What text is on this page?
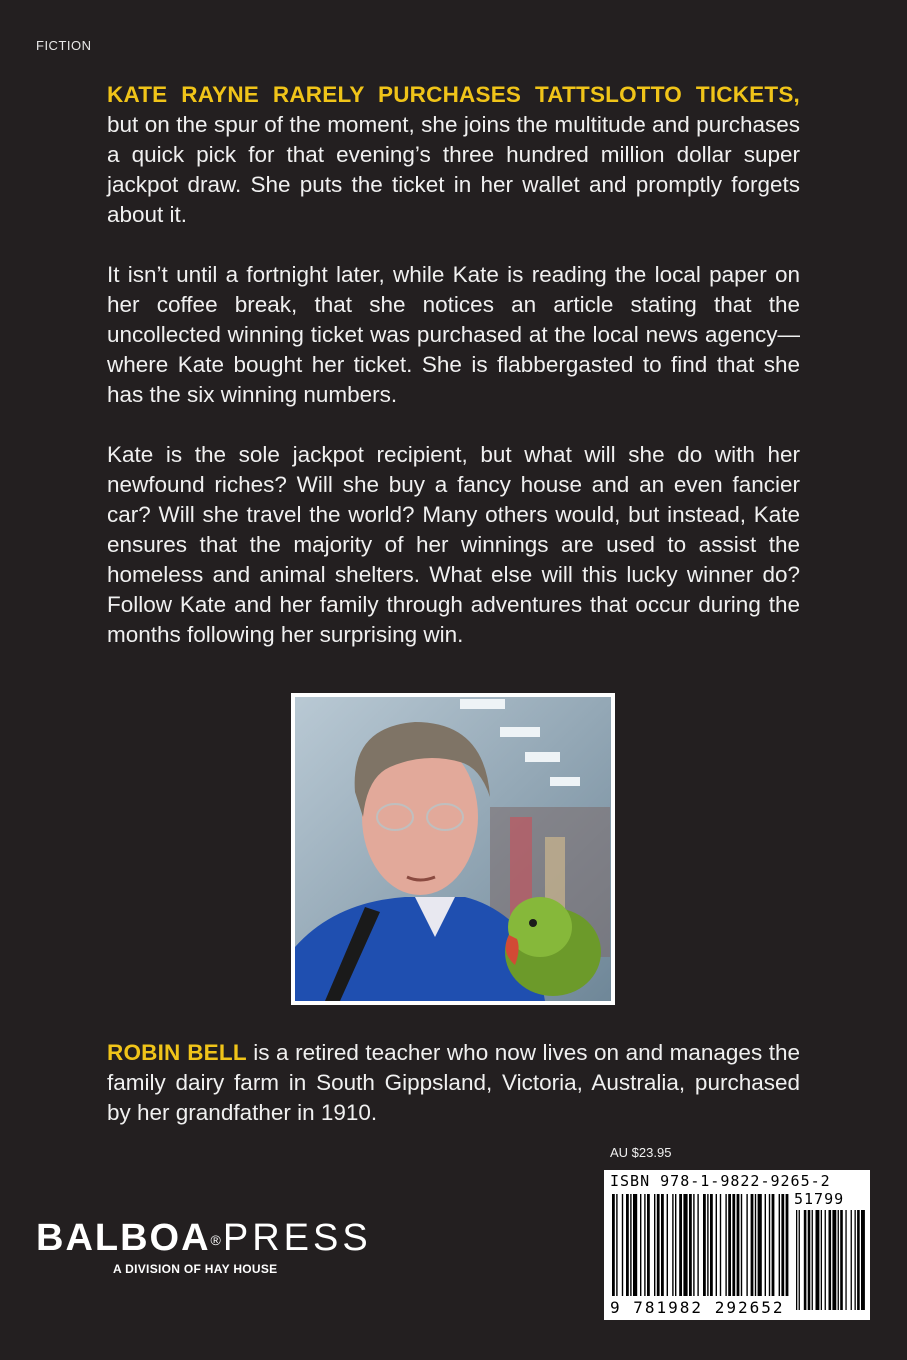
FICTION

KATE RAYNE RARELY PURCHASES TATTSLOTTO TICKETS, but on the spur of the moment, she joins the multitude and purchases a quick pick for that evening’s three hundred million dollar super jackpot draw. She puts the ticket in her wallet and promptly forgets about it.

It isn’t until a fortnight later, while Kate is reading the local paper on her coffee break, that she notices an article stating that the uncollected winning ticket was purchased at the local news agency—where Kate bought her ticket. She is flabbergasted to find that she has the six winning numbers.

Kate is the sole jackpot recipient, but what will she do with her newfound riches? Will she buy a fancy house and an even fancier car? Will she travel the world? Many others would, but instead, Kate ensures that the majority of her winnings are used to assist the homeless and animal shelters. What else will this lucky winner do? Follow Kate and her family through adventures that occur during the months following her surprising win.

ROBIN BELL is a retired teacher who now lives on and manages the family dairy farm in South Gippsland, Victoria, Australia, purchased by her grandfather in 1910.
AU $23.95
ISBN 978-1-9822-9265-2
51799
9 781982 292652
BALBOA®PRESS
A DIVISION OF HAY HOUSE
